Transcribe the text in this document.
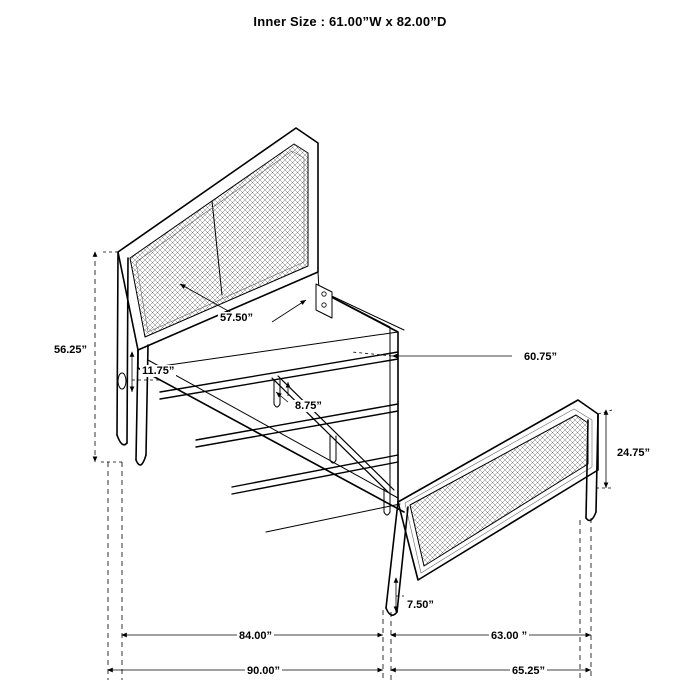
Inner Size : 61.00”W x 82.00”D
56.25”
57.50”
11.75”
8.75”
60.75”
24.75”
7.50”
84.00”	63.00 ”
90.00”	65.25”
